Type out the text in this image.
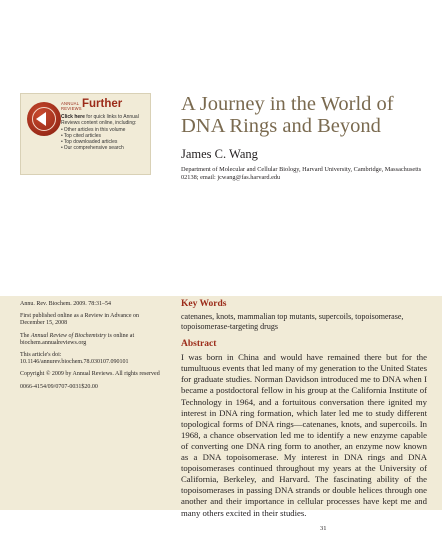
ANNUAL
REVIEWS Further
Click here for quick links to Annual Reviews content online, including:
• Other articles in this volume
• Top cited articles
• Top downloaded articles
• Our comprehensive search
A Journey in the World of DNA Rings and Beyond
James C. Wang
Department of Molecular and Cellular Biology, Harvard University, Cambridge, Massachusetts 02138; email: jcwang@fas.harvard.edu

Annu. Rev. Biochem. 2009. 78:31–54

First published online as a Review in Advance on December 15, 2008

The Annual Review of Biochemistry is online at biochem.annualreviews.org

This article's doi: 10.1146/annurev.biochem.78.030107.090101

Copyright © 2009 by Annual Reviews. All rights reserved

0066-4154/09/0707-0031$20.00

Key Words

catenanes, knots, mammalian top mutants, supercoils, topoisomerase, topoisomerase-targeting drugs

Abstract

I was born in China and would have remained there but for the tumultuous events that led many of my generation to the United States for graduate studies. Norman Davidson introduced me to DNA when I became a postdoctoral fellow in his group at the California Institute of Technology in 1964, and a fortuitous conversation there ignited my interest in DNA ring formation, which later led me to study different topological forms of DNA rings—catenanes, knots, and supercoils. In 1968, a chance observation led me to identify a new enzyme capable of converting one DNA ring form to another, an enzyme now known as a DNA topoisomerase. My interest in DNA rings and DNA topoisomerases continued throughout my years at the University of California, Berkeley, and Harvard. The fascinating ability of the topoisomerases in passing DNA strands or double helices through one another and their importance in cellular processes have kept me and many others excited in their studies.

31
